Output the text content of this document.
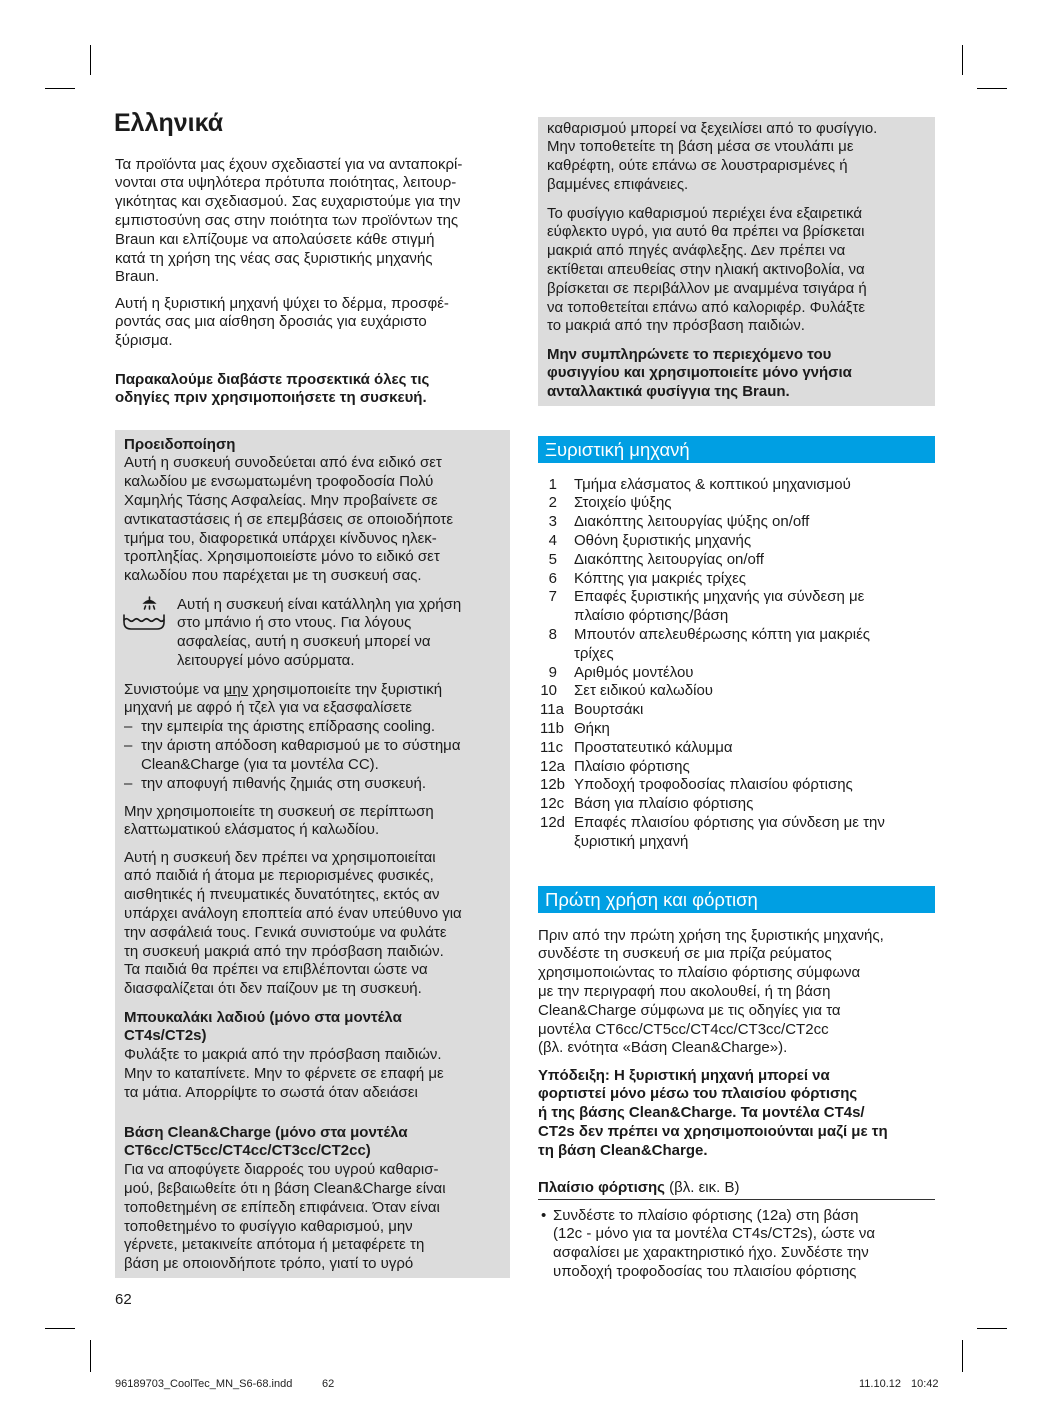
Ελληνικά
Τα προϊόντα μας έχουν σχεδιαστεί για να ανταποκρί-
νονται στα υψηλότερα πρότυπα ποιότητας, λειτουρ-
γικότητας και σχεδιασμού. Σας ευχαριστούμε για την
εμπιστοσύνη σας στην ποιότητα των προϊόντων της
Braun και ελπίζουμε να απολαύσετε κάθε στιγμή
κατά τη χρήση της νέας σας ξυριστικής μηχανής
Braun.
Αυτή η ξυριστική μηχανή ψύχει το δέρμα, προσφέ-
ροντάς σας μια αίσθηση δροσιάς για ευχάριστο
ξύρισμα.
Παρακαλούμε διαβάστε προσεκτικά όλες τις
οδηγίες πριν χρησιμοποιήσετε τη συσκευή.
Προειδοποίηση
Αυτή η συσκευή συνοδεύεται από ένα ειδικό σετ
καλωδίου με ενσωματωμένη τροφοδοσία Πολύ
Χαμηλής Τάσης Ασφαλείας. Μην προβαίνετε σε
αντικαταστάσεις ή σε επεμβάσεις σε οποιοδήποτε
τμήμα του, διαφορετικά υπάρχει κίνδυνος ηλεκ-
τροπληξίας. Χρησιμοποιείστε μόνο το ειδικό σετ
καλωδίου που παρέχεται με τη συσκευή σας.
Αυτή η συσκευή είναι κατάλληλη για χρήση
στο μπάνιο ή στο ντους. Για λόγους
ασφαλείας, αυτή η συσκευή μπορεί να
λειτουργεί μόνο ασύρματα.
Συνιστούμε να μην χρησιμοποιείτε την ξυριστική
μηχανή με αφρό ή τζελ για να εξασφαλίσετε
– την εμπειρία της άριστης επίδρασης cooling.
– την άριστη απόδοση καθαρισμού με το σύστημα
Clean&Charge (για τα μοντέλα CC).
– την αποφυγή πιθανής ζημιάς στη συσκευή.
Μην χρησιμοποιείτε τη συσκευή σε περίπτωση
ελαττωματικού ελάσματος ή καλωδίου.
Αυτή η συσκευή δεν πρέπει να χρησιμοποιείται
από παιδιά ή άτομα με περιορισμένες φυσικές,
αισθητικές ή πνευματικές δυνατότητες, εκτός αν
υπάρχει ανάλογη εποπτεία από έναν υπεύθυνο για
την ασφάλειά τους. Γενικά συνιστούμε να φυλάτε
τη συσκευή μακριά από την πρόσβαση παιδιών.
Τα παιδιά θα πρέπει να επιβλέπονται ώστε να
διασφαλίζεται ότι δεν παίζουν με τη συσκευή.
Μπουκαλάκι λαδιού (μόνο στα μοντέλα
CT4s/CT2s)
Φυλάξτε το μακριά από την πρόσβαση παιδιών.
Μην το καταπίνετε. Μην το φέρνετε σε επαφή με
τα μάτια. Απορρίψτε το σωστά όταν αδειάσει
Βάση Clean&Charge (μόνο στα μοντέλα
CT6cc/CT5cc/CT4cc/CT3cc/CT2cc)
Για να αποφύγετε διαρροές του υγρού καθαρισ-
μού, βεβαιωθείτε ότι η βάση Clean&Charge είναι
τοποθετημένη σε επίπεδη επιφάνεια. Όταν είναι
τοποθετημένο το φυσίγγιο καθαρισμού, μην
γέρνετε, μετακινείτε απότομα ή μεταφέρετε τη
βάση με οποιονδήποτε τρόπο, γιατί το υγρό
62
καθαρισμού μπορεί να ξεχειλίσει από το φυσίγγιο.
Μην τοποθετείτε τη βάση μέσα σε ντουλάπι με
καθρέφτη, ούτε επάνω σε λουστραρισμένες ή
βαμμένες επιφάνειες.
Το φυσίγγιο καθαρισμού περιέχει ένα εξαιρετικά
εύφλεκτο υγρό, για αυτό θα πρέπει να βρίσκεται
μακριά από πηγές ανάφλεξης. Δεν πρέπει να
εκτίθεται απευθείας στην ηλιακή ακτινοβολία, να
βρίσκεται σε περιβάλλον με αναμμένα τσιγάρα ή
να τοποθετείται επάνω από καλοριφέρ. Φυλάξτε
το μακριά από την πρόσβαση παιδιών.
Μην συμπληρώνετε το περιεχόμενο του
φυσιγγίου και χρησιμοποιείτε μόνο γνήσια
ανταλλακτικά φυσίγγια της Braun.
Ξυριστική μηχανή
1	Τμήμα ελάσματος & κοπτικού μηχανισμού
2	Στοιχείο ψύξης
3	Διακόπτης λειτουργίας ψύξης on/off
4	Οθόνη ξυριστικής μηχανής
5	Διακόπτης λειτουργίας on/off
6	Κόπτης για μακριές τρίχες
7	Επαφές ξυριστικής μηχανής για σύνδεση με
πλαίσιο φόρτισης/βάση
8	Μπουτόν απελευθέρωσης κόπτη για μακριές
τρίχες
9	Αριθμός μοντέλου
10	Σετ ειδικού καλωδίου
11a Βουρτσάκι
11b Θήκη
11c Προστατευτικό κάλυμμα
12a Πλαίσιο φόρτισης
12b Υποδοχή τροφοδοσίας πλαισίου φόρτισης
12c Βάση για πλαίσιο φόρτισης
12d Επαφές πλαισίου φόρτισης για σύνδεση με την
ξυριστική μηχανή
Πρώτη χρήση και φόρτιση
Πριν από την πρώτη χρήση της ξυριστικής μηχανής,
συνδέστε τη συσκευή σε μια πρίζα ρεύματος
χρησιμοποιώντας το πλαίσιο φόρτισης σύμφωνα
με την περιγραφή που ακολουθεί, ή τη βάση
Clean&Charge σύμφωνα με τις οδηγίες για τα
μοντέλα CT6cc/CT5cc/CT4cc/CT3cc/CT2cc
(βλ. ενότητα «Βάση Clean&Charge»).
Υπόδειξη: Η ξυριστική μηχανή μπορεί να
φορτιστεί μόνο μέσω του πλαισίου φόρτισης
ή της βάσης Clean&Charge. Τα μοντέλα CT4s/
CT2s δεν πρέπει να χρησιμοποιούνται μαζί με τη
τη βάση Clean&Charge.
Πλαίσιο φόρτισης (βλ. εικ. B)
• Συνδέστε το πλαίσιο φόρτισης (12a) στη βάση
(12c - μόνο για τα μοντέλα CT4s/CT2s), ώστε να
ασφαλίσει με χαρακτηριστικό ήχο. Συνδέστε την
υποδοχή τροφοδοσίας του πλαισίου φόρτισης
96189703_CoolTec_MN_S6-68.indd	62	11.10.12 10:42
